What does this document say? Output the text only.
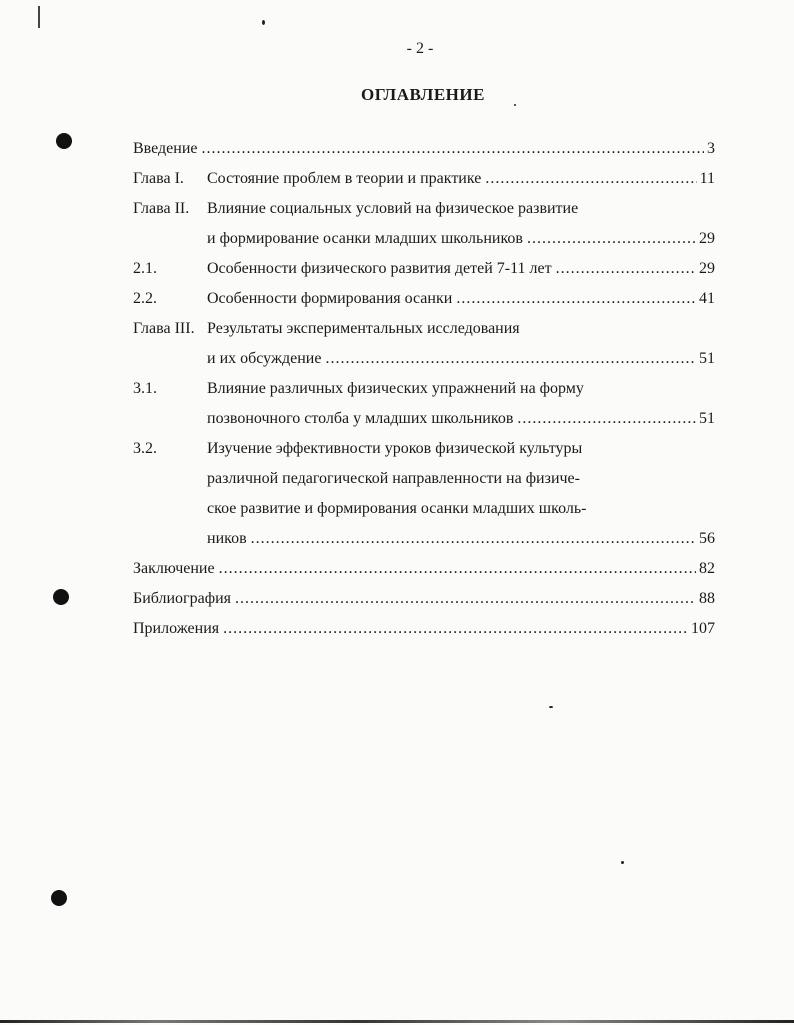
- 2 -
ОГЛАВЛЕНИЕ
Введение .....	3
Глава I.	Состояние проблем в теории и практике .....	11
Глава II.	Влияние социальных условий на физическое развитие
и формирование осанки младших школьников .....	29
2.1.	Особенности физического развития детей 7-11 лет .....	29
2.2.	Особенности формирования осанки .....	41
Глава III. Результаты экспериментальных исследования
и их обсуждение .....	51
3.1.	Влияние различных физических упражнений на форму
позвоночного столба у младших школьников .....	51
3.2.	Изучение эффективности уроков физической культуры
различной педагогической направленности на физиче-
ское развитие и формирования осанки младших школь-
ников .....	56
Заключение .....	82
Библиография .....	88
Приложения .....	107
